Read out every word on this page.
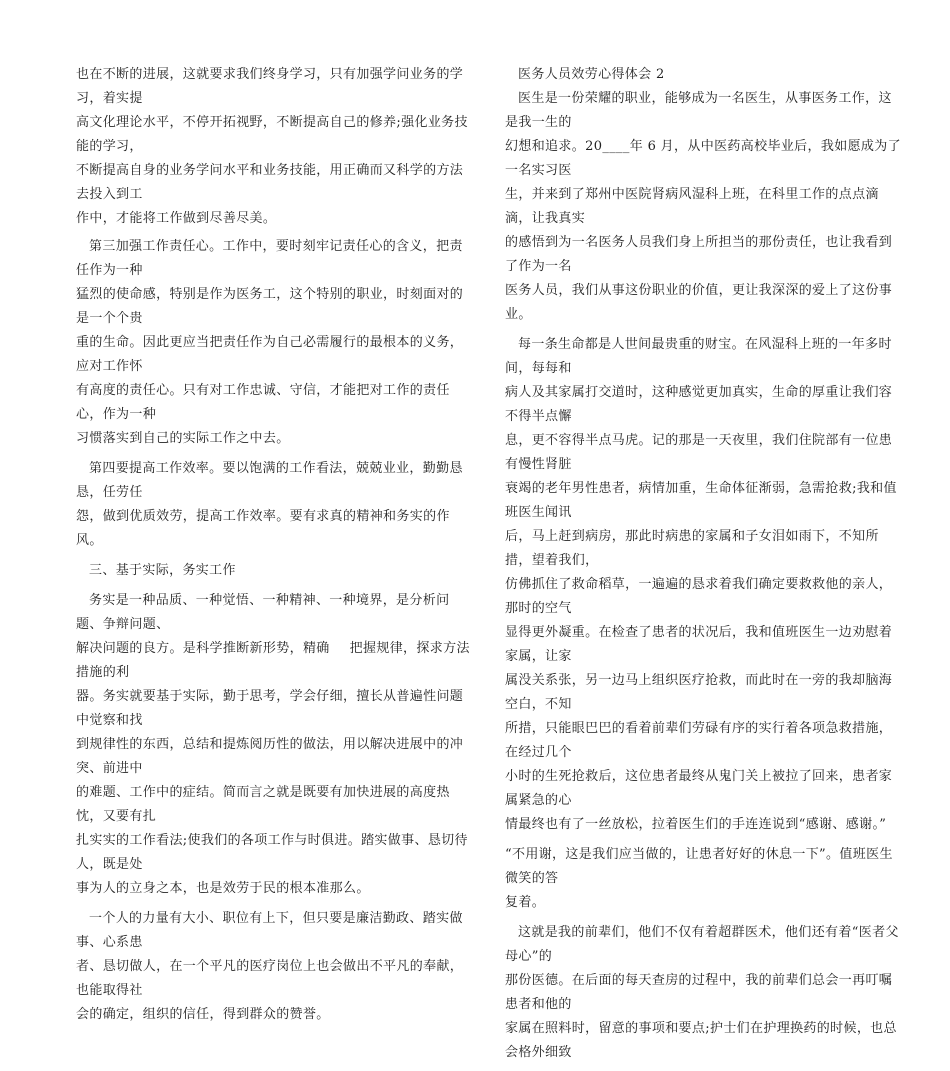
也在不断的进展，这就要求我们终身学习，只有加强学问业务的学习，着实提
高文化理论水平，不停开拓视野，不断提高自己的修养;强化业务技能的学习，
不断提高自身的业务学问水平和业务技能，用正确而又科学的方法去投入到工
作中，才能将工作做到尽善尽美。

第三加强工作责任心。工作中，要时刻牢记责任心的含义，把责任作为一种
猛烈的使命感，特别是作为医务工，这个特别的职业，时刻面对的是一个个贵
重的生命。因此更应当把责任作为自己必需履行的最根本的义务，应对工作怀
有高度的责任心。只有对工作忠诚、守信，才能把对工作的责任心，作为一种
习惯落实到自己的实际工作之中去。

第四要提高工作效率。要以饱满的工作看法，兢兢业业，勤勤恳恳，任劳任
怨，做到优质效劳，提高工作效率。要有求真的精神和务实的作风。

三、基于实际，务实工作

务实是一种品质、一种觉悟、一种精神、一种境界，是分析问题、争辩问题、
解决问题的良方。是科学推断新形势，精确 把握规律，探求方法措施的利
器。务实就要基于实际，勤于思考，学会仔细，擅长从普遍性问题中觉察和找
到规律性的东西，总结和提炼阅历性的做法，用以解决进展中的冲突、前进中
的难题、工作中的症结。简而言之就是既要有加快进展的高度热忱，又要有扎
扎实实的工作看法;使我们的各项工作与时俱进。踏实做事、恳切待人，既是处
事为人的立身之本，也是效劳于民的根本准那么。

一个人的力量有大小、职位有上下，但只要是廉洁勤政、踏实做事、心系患
者、恳切做人，在一个平凡的医疗岗位上也会做出不平凡的奉献，也能取得社
会的确定，组织的信任，得到群众的赞誉。

医务人员效劳心得体会 2

医生是一份荣耀的职业，能够成为一名医生，从事医务工作，这是我一生的
幻想和追求。20____年 6 月，从中医药高校毕业后，我如愿成为了一名实习医
生，并来到了郑州中医院肾病风湿科上班，在科里工作的点点滴滴，让我真实
的感悟到为一名医务人员我们身上所担当的那份责任，也让我看到了作为一名
医务人员，我们从事这份职业的价值，更让我深深的爱上了这份事业。

每一条生命都是人世间最贵重的财宝。在风湿科上班的一年多时间，每每和
病人及其家属打交道时，这种感觉更加真实，生命的厚重让我们容不得半点懈
息，更不容得半点马虎。记的那是一天夜里，我们住院部有一位患有慢性肾脏
衰竭的老年男性患者，病情加重，生命体征渐弱，急需抢救;我和值班医生闻讯
后，马上赶到病房，那此时病患的家属和子女泪如雨下，不知所措，望着我们，
仿佛抓住了救命稻草，一遍遍的恳求着我们确定要救救他的亲人，那时的空气
显得更外凝重。在检查了患者的状况后，我和值班医生一边劝慰着家属，让家
属没关系张，另一边马上组织医疗抢救，而此时在一旁的我却脑海空白，不知
所措，只能眼巴巴的看着前辈们劳碌有序的实行着各项急救措施，在经过几个
小时的生死抢救后，这位患者最终从鬼门关上被拉了回来，患者家属紧急的心
情最终也有了一丝放松，拉着医生们的手连连说到“感谢、感谢。”

“不用谢，这是我们应当做的，让患者好好的休息一下”。值班医生微笑的答
复着。

这就是我的前辈们，他们不仅有着超群医术，他们还有着“医者父母心”的
那份医德。在后面的每天查房的过程中，我的前辈们总会一再叮嘱患者和他的
家属在照料时，留意的事项和要点;护士们在护理换药的时候，也总会格外细致
